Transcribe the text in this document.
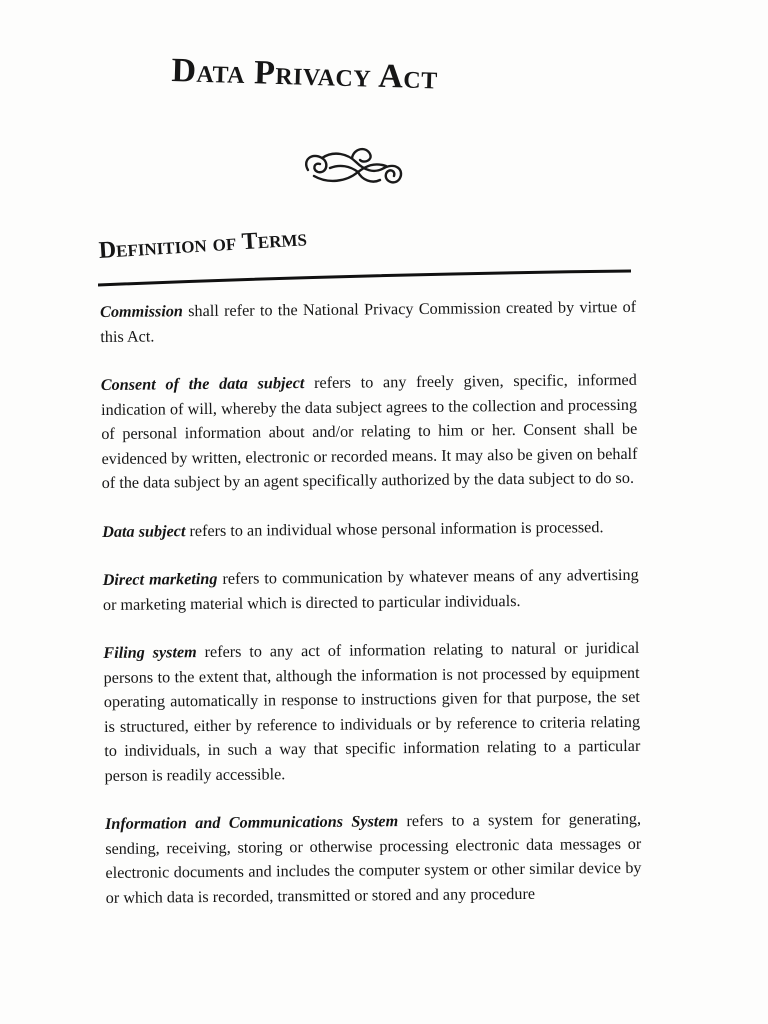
Data Privacy Act
Definition of Terms

Commission shall refer to the National Privacy Commission created by virtue of this Act.

Consent of the data subject refers to any freely given, specific, informed indication of will, whereby the data subject agrees to the collection and processing of personal information about and/or relating to him or her. Consent shall be evidenced by written, electronic or recorded means. It may also be given on behalf of the data subject by an agent specifically authorized by the data subject to do so.

Data subject refers to an individual whose personal information is processed.

Direct marketing refers to communication by whatever means of any advertising or marketing material which is directed to particular individuals.

Filing system refers to any act of information relating to natural or juridical persons to the extent that, although the information is not processed by equipment operating automatically in response to instructions given for that purpose, the set is structured, either by reference to individuals or by reference to criteria relating to individuals, in such a way that specific information relating to a particular person is readily accessible.

Information and Communications System refers to a system for generating, sending, receiving, storing or otherwise processing electronic data messages or electronic documents and includes the computer system or other similar device by or which data is recorded, transmitted or stored and any procedure
